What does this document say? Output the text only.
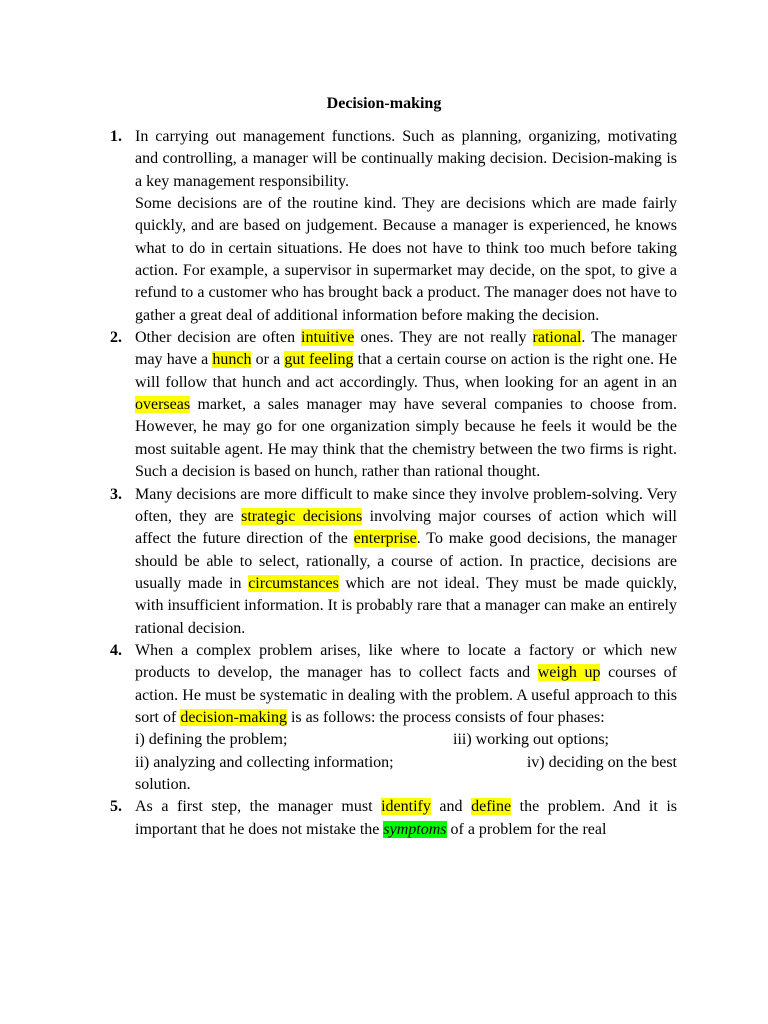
Decision-making
1. In carrying out management functions. Such as planning, organizing, motivating and controlling, a manager will be continually making decision. Decision-making is a key management responsibility.

Some decisions are of the routine kind. They are decisions which are made fairly quickly, and are based on judgement. Because a manager is experienced, he knows what to do in certain situations. He does not have to think too much before taking action. For example, a supervisor in supermarket may decide, on the spot, to give a refund to a customer who has brought back a product. The manager does not have to gather a great deal of additional information before making the decision.

2. Other decision are often intuitive ones. They are not really rational. The manager may have a hunch or a gut feeling that a certain course on action is the right one. He will follow that hunch and act accordingly. Thus, when looking for an agent in an overseas market, a sales manager may have several companies to choose from. However, he may go for one organization simply because he feels it would be the most suitable agent. He may think that the chemistry between the two firms is right. Such a decision is based on hunch, rather than rational thought.

3. Many decisions are more difficult to make since they involve problem-solving. Very often, they are strategic decisions involving major courses of action which will affect the future direction of the enterprise. To make good decisions, the manager should be able to select, rationally, a course of action. In practice, decisions are usually made in circumstances which are not ideal. They must be made quickly, with insufficient information. It is probably rare that a manager can make an entirely rational decision.

4. When a complex problem arises, like where to locate a factory or which new products to develop, the manager has to collect facts and weigh up courses of action. He must be systematic in dealing with the problem. A useful approach to this sort of decision-making is as follows: the process consists of four phases:

i) defining the problem;	iii) working out options;
ii) analyzing and collecting information;	iv) deciding on the best
solution.
5. As a first step, the manager must identify and define the problem. And it is important that he does not mistake the symptoms of a problem for the real
